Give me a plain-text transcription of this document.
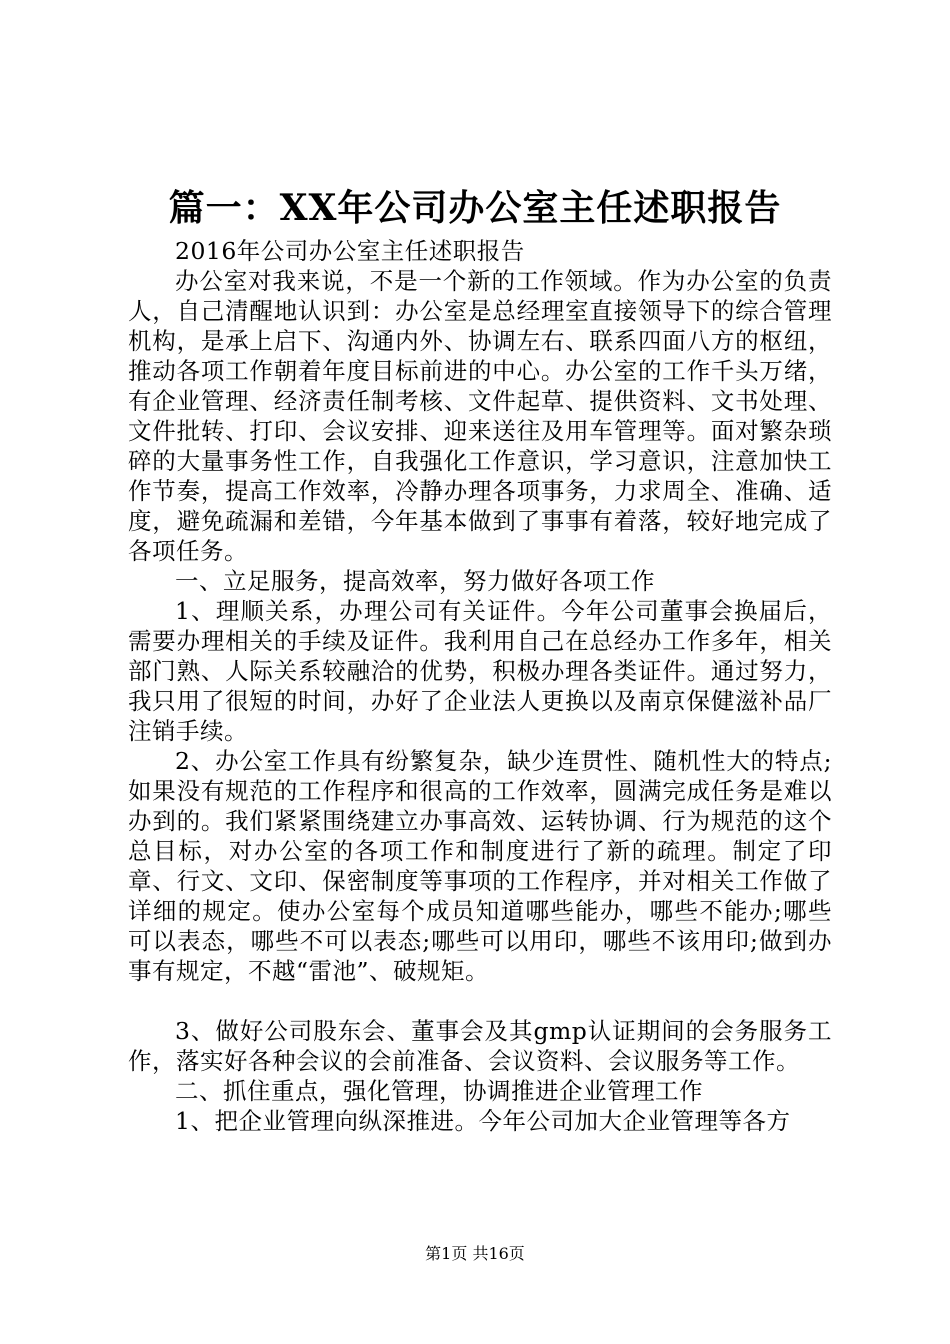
篇一：XX年公司办公室主任述职报告

2016年公司办公室主任述职报告

办公室对我来说，不是一个新的工作领域。作为办公室的负责人，自己清醒地认识到：办公室是总经理室直接领导下的综合管理机构，是承上启下、沟通内外、协调左右、联系四面八方的枢纽，推动各项工作朝着年度目标前进的中心。办公室的工作千头万绪，有企业管理、经济责任制考核、文件起草、提供资料、文书处理、文件批转、打印、会议安排、迎来送往及用车管理等。面对繁杂琐碎的大量事务性工作，自我强化工作意识，学习意识，注意加快工作节奏，提高工作效率，冷静办理各项事务，力求周全、准确、适度，避免疏漏和差错，今年基本做到了事事有着落，较好地完成了各项任务。

一、立足服务，提高效率，努力做好各项工作

1、理顺关系，办理公司有关证件。今年公司董事会换届后，需要办理相关的手续及证件。我利用自己在总经办工作多年，相关部门熟、人际关系较融洽的优势，积极办理各类证件。通过努力，我只用了很短的时间，办好了企业法人更换以及南京保健滋补品厂注销手续。

2、办公室工作具有纷繁复杂，缺少连贯性、随机性大的特点;如果没有规范的工作程序和很高的工作效率，圆满完成任务是难以办到的。我们紧紧围绕建立办事高效、运转协调、行为规范的这个总目标，对办公室的各项工作和制度进行了新的疏理。制定了印章、行文、文印、保密制度等事项的工作程序，并对相关工作做了详细的规定。使办公室每个成员知道哪些能办，哪些不能办;哪些可以表态，哪些不可以表态;哪些可以用印，哪些不该用印;做到办事有规定，不越“雷池”、破规矩。

3、做好公司股东会、董事会及其gmp认证期间的会务服务工作，落实好各种会议的会前准备、会议资料、会议服务等工作。

二、抓住重点，强化管理，协调推进企业管理工作

1、把企业管理向纵深推进。今年公司加大企业管理等各方

第1页 共16页
